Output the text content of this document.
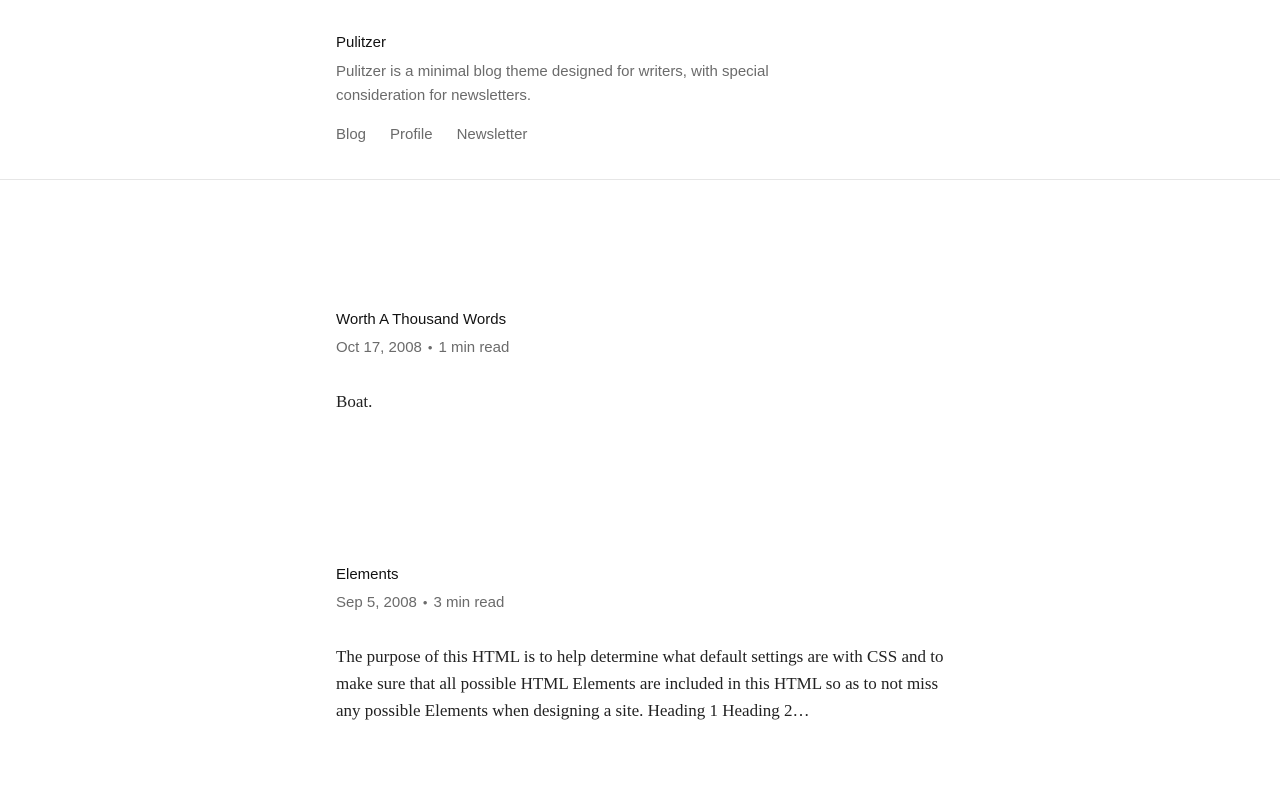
Pulitzer

Pulitzer is a minimal blog theme designed for writers, with special consideration for newsletters.

Blog Profile Newsletter
Worth A Thousand Words
Oct 17, 2008 • 1 min read

Boat.

Elements
Sep 5, 2008 • 3 min read

The purpose of this HTML is to help determine what default settings are with CSS and to make sure that all possible HTML Elements are included in this HTML so as to not miss any possible Elements when designing a site. Heading 1 Heading 2…
